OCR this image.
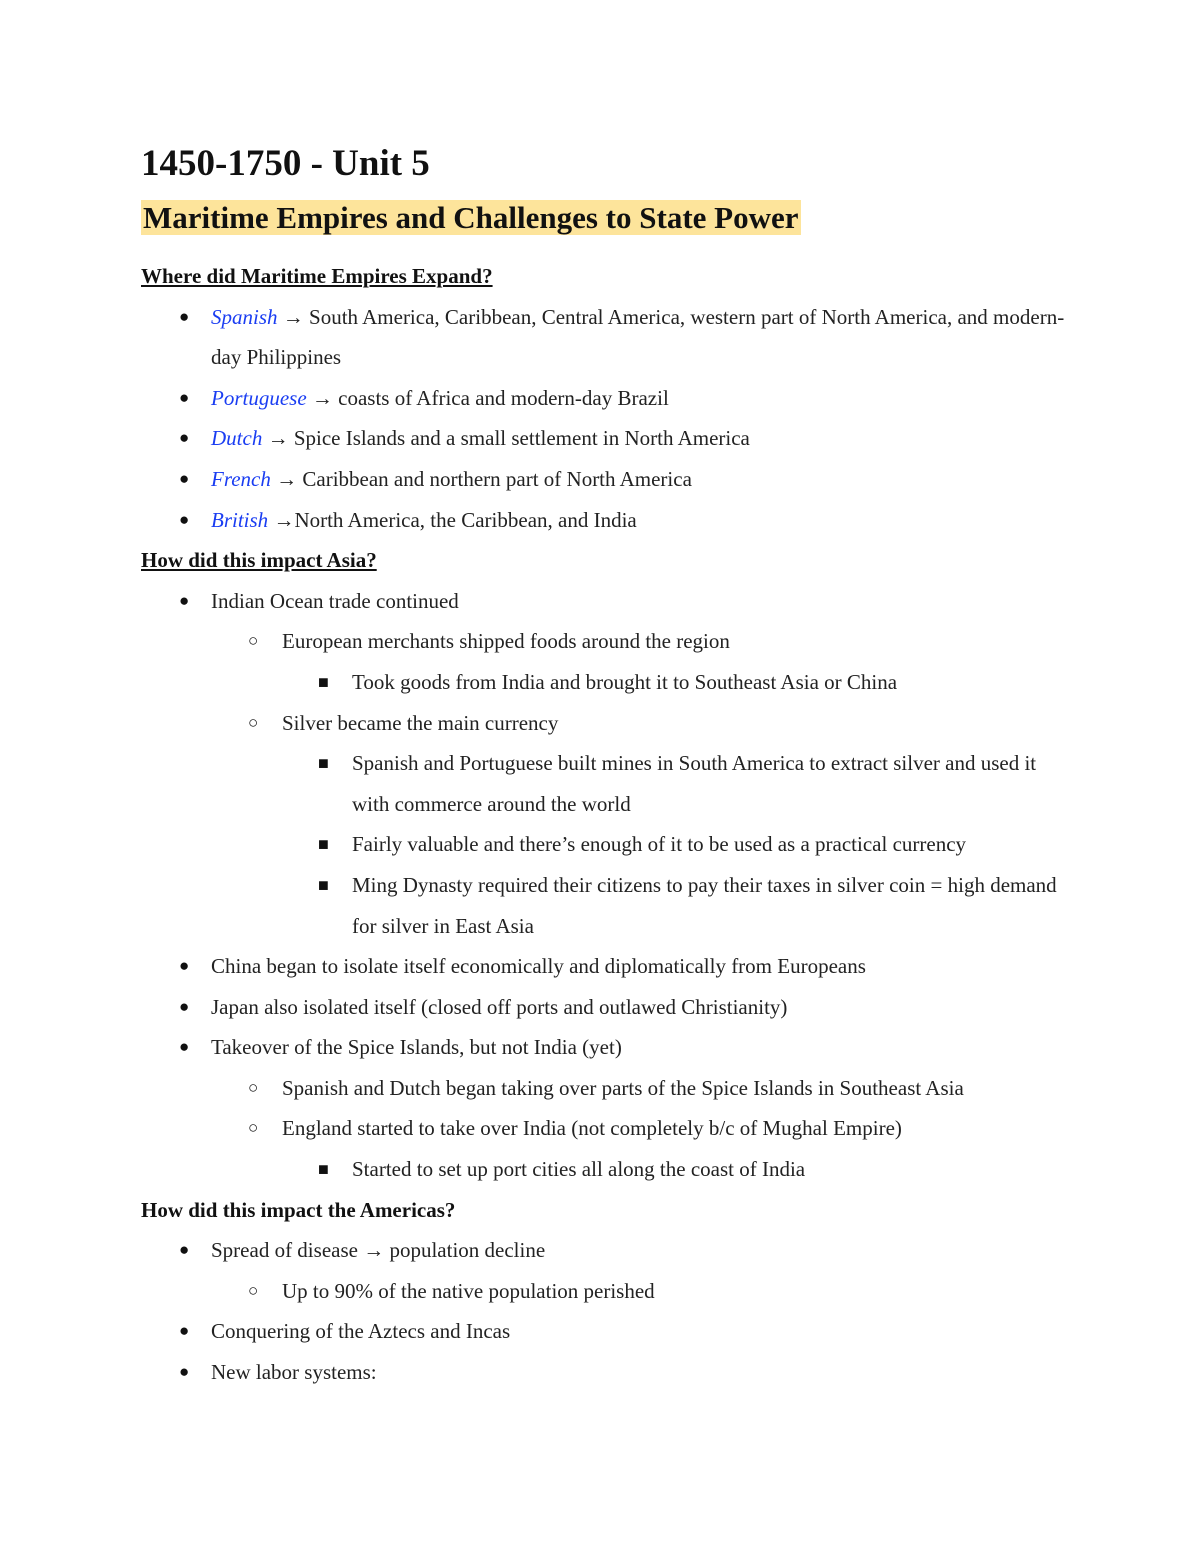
1450-1750 - Unit 5
Maritime Empires and Challenges to State Power

Where did Maritime Empires Expand?

● Spanish → South America, Caribbean, Central America, western part of North America, and modern-day Philippines
● Portuguese → coasts of Africa and modern-day Brazil
● Dutch → Spice Islands and a small settlement in North America
● French → Caribbean and northern part of North America
● British →North America, the Caribbean, and India

How did this impact Asia?

● Indian Ocean trade continued
○ European merchants shipped foods around the region
■ Took goods from India and brought it to Southeast Asia or China
○ Silver became the main currency
■ Spanish and Portuguese built mines in South America to extract silver and used it with commerce around the world
■ Fairly valuable and there’s enough of it to be used as a practical currency
■ Ming Dynasty required their citizens to pay their taxes in silver coin = high demand for silver in East Asia
● China began to isolate itself economically and diplomatically from Europeans
● Japan also isolated itself (closed off ports and outlawed Christianity)
● Takeover of the Spice Islands, but not India (yet)
○ Spanish and Dutch began taking over parts of the Spice Islands in Southeast Asia
○ England started to take over India (not completely b/c of Mughal Empire)
■ Started to set up port cities all along the coast of India

How did this impact the Americas?

● Spread of disease → population decline
○ Up to 90% of the native population perished
● Conquering of the Aztecs and Incas
● New labor systems:
